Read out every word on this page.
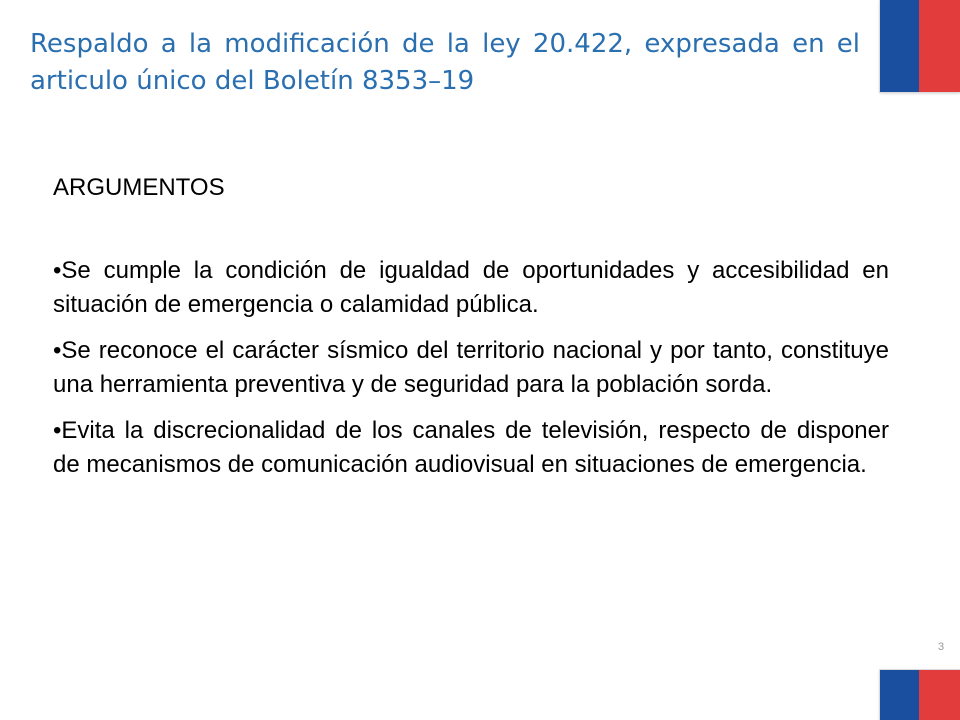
Respaldo a la modificación de la ley 20.422, expresada en el articulo único del Boletín 8353–19
ARGUMENTOS

•Se cumple la condición de igualdad de oportunidades y accesibilidad en situación de emergencia o calamidad pública.

•Se reconoce el carácter sísmico del territorio nacional y por tanto, constituye una herramienta preventiva y de seguridad para la población sorda.

•Evita la discrecionalidad de los canales de televisión, respecto de disponer de mecanismos de comunicación audiovisual en situaciones de emergencia.

3
